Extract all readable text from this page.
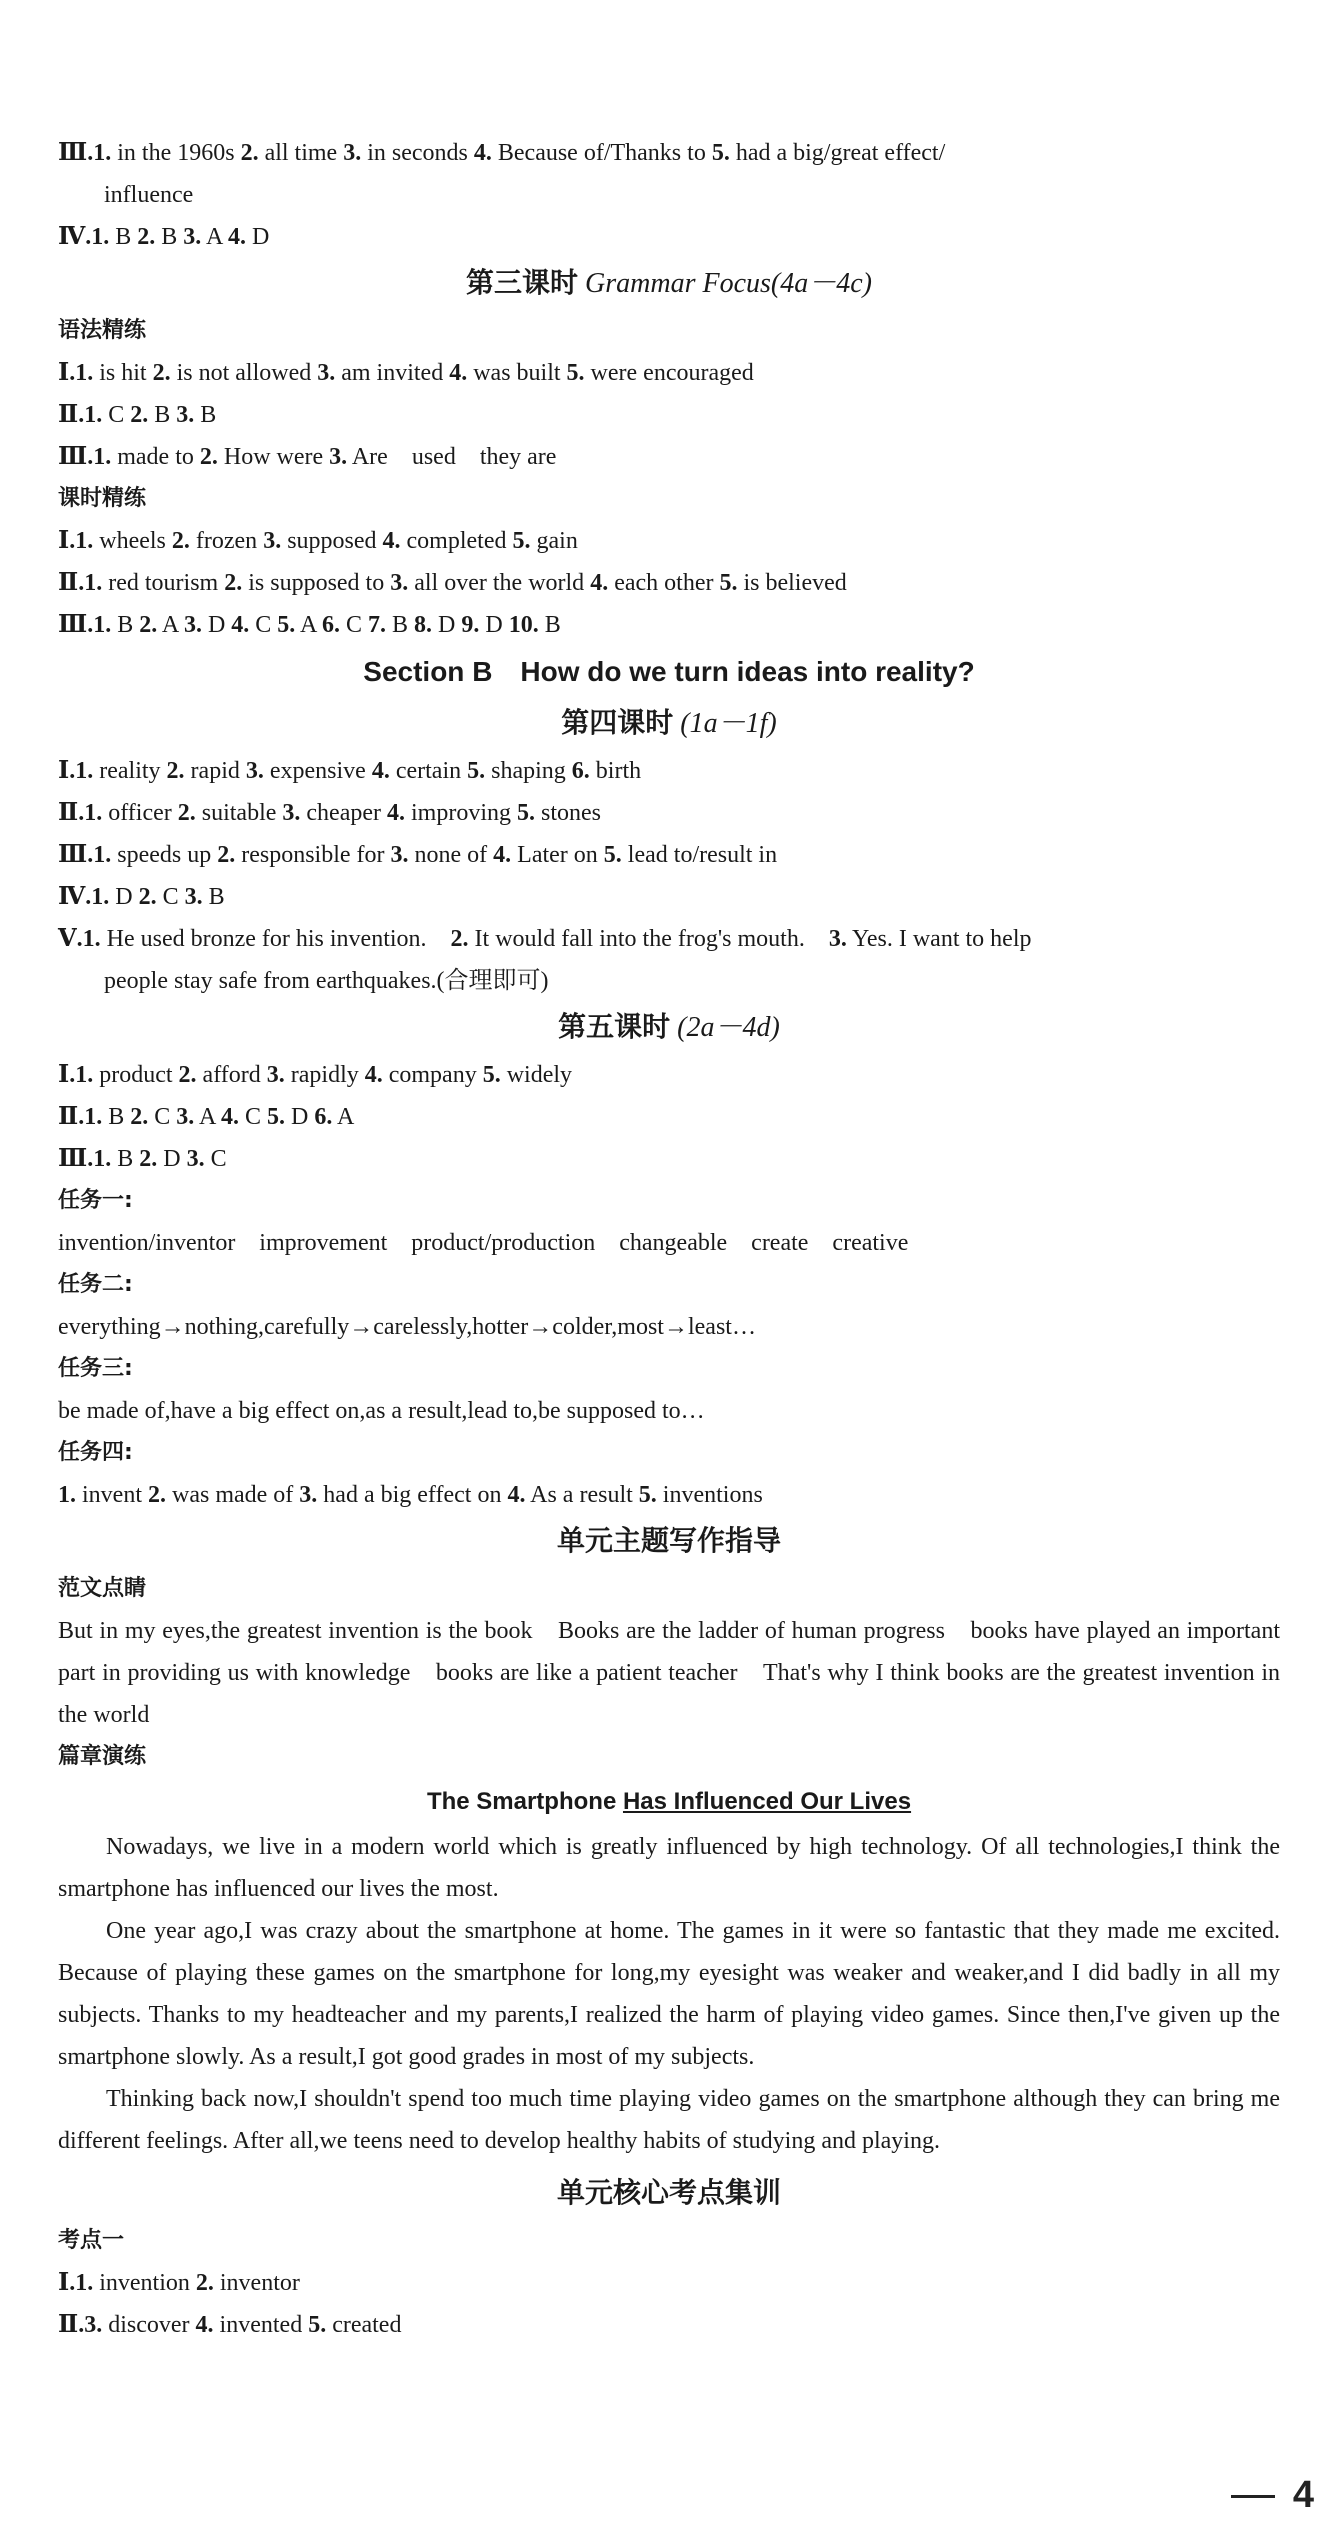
Ⅲ.1. in the 1960s 2. all time 3. in seconds 4. Because of/Thanks to 5. had a big/great effect/
influence
Ⅳ.1. B 2. B 3. A 4. D
第三课时 Grammar Focus(4a－4c)
语法精练
Ⅰ.1. is hit 2. is not allowed 3. am invited 4. was built 5. were encouraged
Ⅱ.1. C 2. B 3. B
Ⅲ.1. made to 2. How were 3. Are　used　they are
课时精练
Ⅰ.1. wheels 2. frozen 3. supposed 4. completed 5. gain
Ⅱ.1. red tourism 2. is supposed to 3. all over the world 4. each other 5. is believed
Ⅲ.1. B 2. A 3. D 4. C 5. A 6. C 7. B 8. D 9. D 10. B
Section B　How do we turn ideas into reality?
第四课时 (1a－1f)
Ⅰ.1. reality 2. rapid 3. expensive 4. certain 5. shaping 6. birth
Ⅱ.1. officer 2. suitable 3. cheaper 4. improving 5. stones
Ⅲ.1. speeds up 2. responsible for 3. none of 4. Later on 5. lead to/result in
Ⅳ.1. D 2. C 3. B
Ⅴ.1. He used bronze for his invention.　2. It would fall into the frog's mouth.　3. Yes. I want to help
people stay safe from earthquakes.(合理即可)
第五课时 (2a－4d)
Ⅰ.1. product 2. afford 3. rapidly 4. company 5. widely
Ⅱ.1. B 2. C 3. A 4. C 5. D 6. A
Ⅲ.1. B 2. D 3. C
任务一:
invention/inventor　improvement　product/production　changeable　create　creative
任务二:
everything→nothing,carefully→carelessly,hotter→colder,most→least…
任务三:
be made of,have a big effect on,as a result,lead to,be supposed to…
任务四:
1. invent 2. was made of 3. had a big effect on 4. As a result 5. inventions
单元主题写作指导
范文点睛
But in my eyes,the greatest invention is the book　Books are the ladder of human progress　books have played an important part in providing us with knowledge　books are like a patient teacher　That's why I think books are the greatest invention in the world
篇章演练
The Smartphone Has Influenced Our Lives
Nowadays, we live in a modern world which is greatly influenced by high technology. Of all technologies,I think the smartphone has influenced our lives the most.
One year ago,I was crazy about the smartphone at home. The games in it were so fantastic that they made me excited. Because of playing these games on the smartphone for long,my eyesight was weaker and weaker,and I did badly in all my subjects. Thanks to my headteacher and my parents,I realized the harm of playing video games. Since then,I've given up the smartphone slowly. As a result,I got good grades in most of my subjects.
Thinking back now,I shouldn't spend too much time playing video games on the smartphone although they can bring me different feelings. After all,we teens need to develop healthy habits of studying and playing.
单元核心考点集训
考点一
Ⅰ.1. invention 2. inventor
Ⅱ.3. discover 4. invented 5. created
4
